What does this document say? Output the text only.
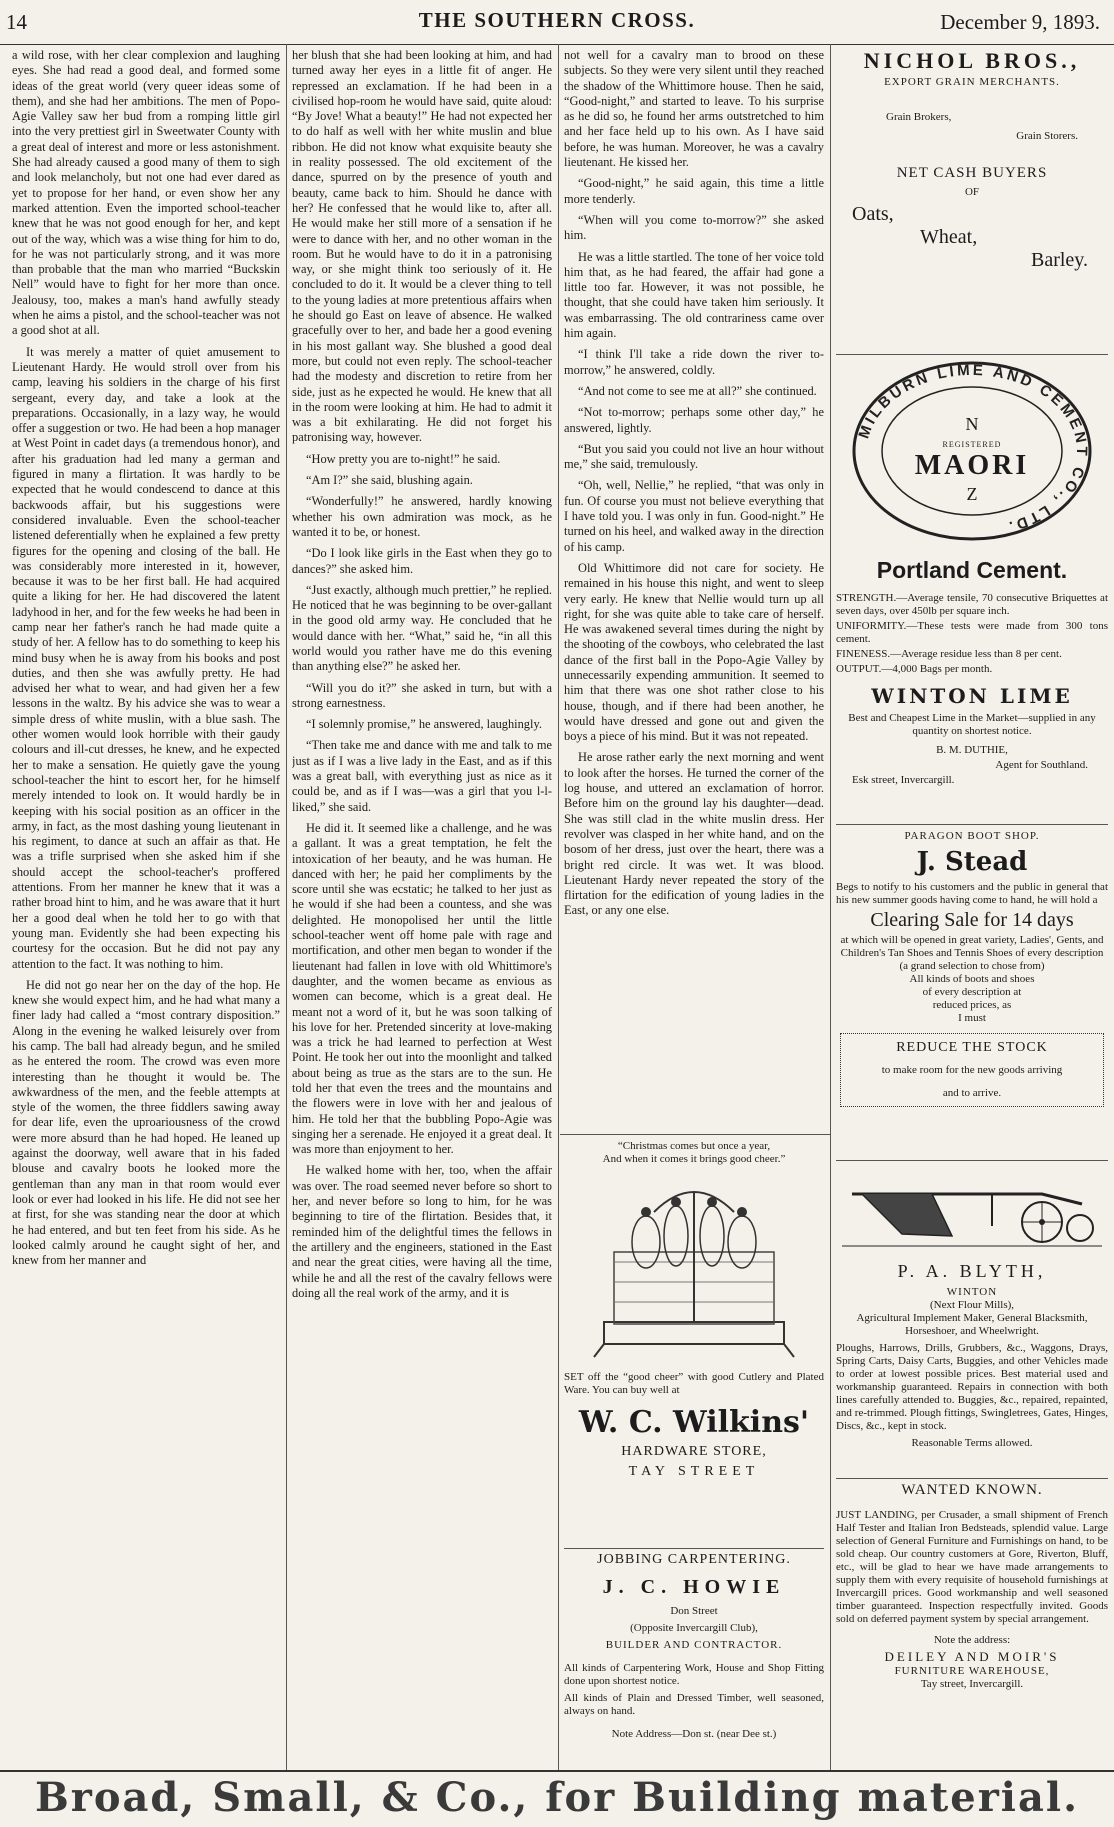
14	THE SOUTHERN CROSS.	December 9, 1893.

a wild rose, with her clear complexion and laughing eyes. She had read a good deal, and formed some ideas of the great world (very queer ideas some of them), and she had her ambitions. The men of Popo-Agie Valley saw her bud from a romping little girl into the very prettiest girl in Sweetwater County with a great deal of interest and more or less astonishment. She had already caused a good many of them to sigh and look melancholy, but not one had ever dared as yet to propose for her hand, or even show her any marked attention. Even the imported school-teacher knew that he was not good enough for her, and kept out of the way, which was a wise thing for him to do, for he was not particularly strong, and it was more than probable that the man who married “Buckskin Nell” would have to fight for her more than once. Jealousy, too, makes a man's hand awfully steady when he aims a pistol, and the school-teacher was not a good shot at all.

It was merely a matter of quiet amusement to Lieutenant Hardy. He would stroll over from his camp, leaving his soldiers in the charge of his first sergeant, every day, and take a look at the preparations. Occasionally, in a lazy way, he would offer a suggestion or two. He had been a hop manager at West Point in cadet days (a tremendous honor), and after his graduation had led many a german and figured in many a flirtation. It was hardly to be expected that he would condescend to dance at this backwoods affair, but his suggestions were considered invaluable. Even the school-teacher listened deferentially when he explained a few pretty figures for the opening and closing of the ball. He was considerably more interested in it, however, because it was to be her first ball. He had acquired quite a liking for her. He had discovered the latent ladyhood in her, and for the few weeks he had been in camp near her father's ranch he had made quite a study of her. A fellow has to do something to keep his mind busy when he is away from his books and post duties, and then she was awfully pretty. He had advised her what to wear, and had given her a few lessons in the waltz. By his advice she was to wear a simple dress of white muslin, with a blue sash. The other women would look horrible with their gaudy colours and ill-cut dresses, he knew, and he expected her to make a sensation. He quietly gave the young school-teacher the hint to escort her, for he himself merely intended to look on. It would hardly be in keeping with his social position as an officer in the army, in fact, as the most dashing young lieutenant in his regiment, to dance at such an affair as that. He was a trifle surprised when she asked him if she should accept the school-teacher's proffered attentions. From her manner he knew that it was a rather broad hint to him, and he was aware that it hurt her a good deal when he told her to go with that young man. Evidently she had been expecting his courtesy for the occasion. But he did not pay any attention to the fact. It was nothing to him.

He did not go near her on the day of the hop. He knew she would expect him, and he had what many a finer lady had called a “most contrary disposition.” Along in the evening he walked leisurely over from his camp. The ball had already begun, and he smiled as he entered the room. The crowd was even more interesting than he thought it would be. The awkwardness of the men, and the feeble attempts at style of the women, the three fiddlers sawing away for dear life, even the uproariousness of the crowd were more absurd than he had hoped. He leaned up against the doorway, well aware that in his faded blouse and cavalry boots he looked more the gentleman than any man in that room would ever look or ever had looked in his life. He did not see her at first, for she was standing near the door at which he had entered, and but ten feet from his side. As he looked calmly around he caught sight of her, and knew from her manner and

her blush that she had been looking at him, and had turned away her eyes in a little fit of anger. He repressed an exclamation. If he had been in a civilised hop-room he would have said, quite aloud: “By Jove! What a beauty!” He had not expected her to do half as well with her white muslin and blue ribbon. He did not know what exquisite beauty she in reality possessed. The old excitement of the dance, spurred on by the presence of youth and beauty, came back to him. Should he dance with her? He confessed that he would like to, after all. He would make her still more of a sensation if he were to dance with her, and no other woman in the room. But he would have to do it in a patronising way, or she might think too seriously of it. He concluded to do it. It would be a clever thing to tell to the young ladies at more pretentious affairs when he should go East on leave of absence. He walked gracefully over to her, and bade her a good evening in his most gallant way. She blushed a good deal more, but could not even reply. The school-teacher had the modesty and discretion to retire from her side, just as he expected he would. He knew that all in the room were looking at him. He had to admit it was a bit exhilarating. He did not forget his patronising way, however.

“How pretty you are to-night!” he said.

“Am I?” she said, blushing again.

“Wonderfully!” he answered, hardly knowing whether his own admiration was mock, as he wanted it to be, or honest.

“Do I look like girls in the East when they go to dances?” she asked him.

“Just exactly, although much prettier,” he replied. He noticed that he was beginning to be over-gallant in the good old army way. He concluded that he would dance with her. “What,” said he, “in all this world would you rather have me do this evening than anything else?” he asked her.

“Will you do it?” she asked in turn, but with a strong earnestness.

“I solemnly promise,” he answered, laughingly.

“Then take me and dance with me and talk to me just as if I was a live lady in the East, and as if this was a great ball, with everything just as nice as it could be, and as if I was—was a girl that you l-l-liked,” she said.

He did it. It seemed like a challenge, and he was a gallant. It was a great temptation, he felt the intoxication of her beauty, and he was human. He danced with her; he paid her compliments by the score until she was ecstatic; he talked to her just as he would if she had been a countess, and she was delighted. He monopolised her until the little school-teacher went off home pale with rage and mortification, and other men began to wonder if the lieutenant had fallen in love with old Whittimore's daughter, and the women became as envious as women can become, which is a great deal. He meant not a word of it, but he was soon talking of his love for her. Pretended sincerity at love-making was a trick he had learned to perfection at West Point. He took her out into the moonlight and talked about being as true as the stars are to the sun. He told her that even the trees and the mountains and the flowers were in love with her and jealous of him. He told her that the bubbling Popo-Agie was singing her a serenade. He enjoyed it a great deal. It was more than enjoyment to her.

He walked home with her, too, when the affair was over. The road seemed never before so short to her, and never before so long to him, for he was beginning to tire of the flirtation. Besides that, it reminded him of the delightful times the fellows in the artillery and the engineers, stationed in the East and near the great cities, were having all the time, while he and all the rest of the cavalry fellows were doing all the real work of the army, and it is

not well for a cavalry man to brood on these subjects. So they were very silent until they reached the shadow of the Whittimore house. Then he said, “Good-night,” and started to leave. To his surprise as he did so, he found her arms outstretched to him and her face held up to his own. As I have said before, he was human. Moreover, he was a cavalry lieutenant. He kissed her.

“Good-night,” he said again, this time a little more tenderly.

“When will you come to-morrow?” she asked him.

He was a little startled. The tone of her voice told him that, as he had feared, the affair had gone a little too far. However, it was not possible, he thought, that she could have taken him seriously. It was embarrassing. The old contrariness came over him again.

“I think I'll take a ride down the river to-morrow,” he answered, coldly.

“And not come to see me at all?” she continued.

“Not to-morrow; perhaps some other day,” he answered, lightly.

“But you said you could not live an hour without me,” she said, tremulously.

“Oh, well, Nellie,” he replied, “that was only in fun. Of course you must not believe everything that I have told you. I was only in fun. Good-night.” He turned on his heel, and walked away in the direction of his camp.

Old Whittimore did not care for society. He remained in his house this night, and went to sleep very early. He knew that Nellie would turn up all right, for she was quite able to take care of herself. He was awakened several times during the night by the shooting of the cowboys, who celebrated the last dance of the first ball in the Popo-Agie Valley by unnecessarily expending ammunition. It seemed to him that there was one shot rather close to his house, though, and if there had been another, he would have dressed and gone out and given the boys a piece of his mind. But it was not repeated.

He arose rather early the next morning and went to look after the horses. He turned the corner of the log house, and uttered an exclamation of horror. Before him on the ground lay his daughter—dead. She was still clad in the white muslin dress. Her revolver was clasped in her white hand, and on the bosom of her dress, just over the heart, there was a bright red circle. It was wet. It was blood. Lieutenant Hardy never repeated the story of the flirtation for the edification of young ladies in the East, or any one else.

“Christmas comes but once a year,
And when it comes it brings good cheer.”
SET off the “good cheer” with good Cutlery and Plated Ware. You can buy well at
W. C. Wilkins'
HARDWARE STORE,
TAY STREET
JOBBING CARPENTERING.
J. C. HOWIE
Don Street
(Opposite Invercargill Club),
BUILDER AND CONTRACTOR.
All kinds of Carpentering Work, House and Shop Fitting done upon shortest notice.
All kinds of Plain and Dressed Timber, well seasoned, always on hand.
Note Address—Don st. (near Dee st.)
NICHOL BROS.,
EXPORT GRAIN MERCHANTS.
Grain Brokers,
Grain Storers.
NET CASH BUYERS
OF
Oats,
Wheat,
Barley.
MILBURN LIME AND CEMENT CO., LTD.
N
REGISTERED
MAORI
Z
Portland Cement.
STRENGTH.—Average tensile, 70 consecutive Briquettes at seven days, over 450lb per square inch.
UNIFORMITY.—These tests were made from 300 tons cement.
FINENESS.—Average residue less than 8 per cent.
OUTPUT.—4,000 Bags per month.
WINTON LIME
Best and Cheapest Lime in the Market—supplied in any quantity on shortest notice.
B. M. DUTHIE,
Agent for Southland.
Esk street, Invercargill.
PARAGON BOOT SHOP.
J. Stead
Begs to notify to his customers and the public in general that his new summer goods having come to hand, he will hold a
Clearing Sale for 14 days
at which will be opened in great variety, Ladies', Gents, and Children's Tan Shoes and Tennis Shoes of every description
(a grand selection to chose from)
All kinds of boots and shoes
of every description at
reduced prices, as
I must
REDUCE THE STOCK
to make room for the new goods arriving
and to arrive.
P. A. BLYTH,
WINTON
(Next Flour Mills),
Agricultural Implement Maker, General Blacksmith, Horseshoer, and Wheelwright.
Ploughs, Harrows, Drills, Grubbers, &c., Waggons, Drays, Spring Carts, Daisy Carts, Buggies, and other Vehicles made to order at lowest possible prices. Best material used and workmanship guaranteed. Repairs in connection with both lines carefully attended to. Buggies, &c., repaired, repainted, and re-trimmed. Plough fittings, Swingletrees, Gates, Hinges, Discs, &c., kept in stock.
Reasonable Terms allowed.
WANTED KNOWN.
JUST LANDING, per Crusader, a small shipment of French Half Tester and Italian Iron Bedsteads, splendid value. Large selection of General Furniture and Furnishings on hand, to be sold cheap. Our country customers at Gore, Riverton, Bluff, etc., will be glad to hear we have made arrangements to supply them with every requisite of household furnishings at Invercargill prices. Good workmanship and well seasoned timber guaranteed. Inspection respectfully invited. Goods sold on deferred payment system by special arrangement.
Note the address:
DEILEY AND MOIR'S
FURNITURE WAREHOUSE,
Tay street, Invercargill.
Broad, Small, & Co., for Building material.
